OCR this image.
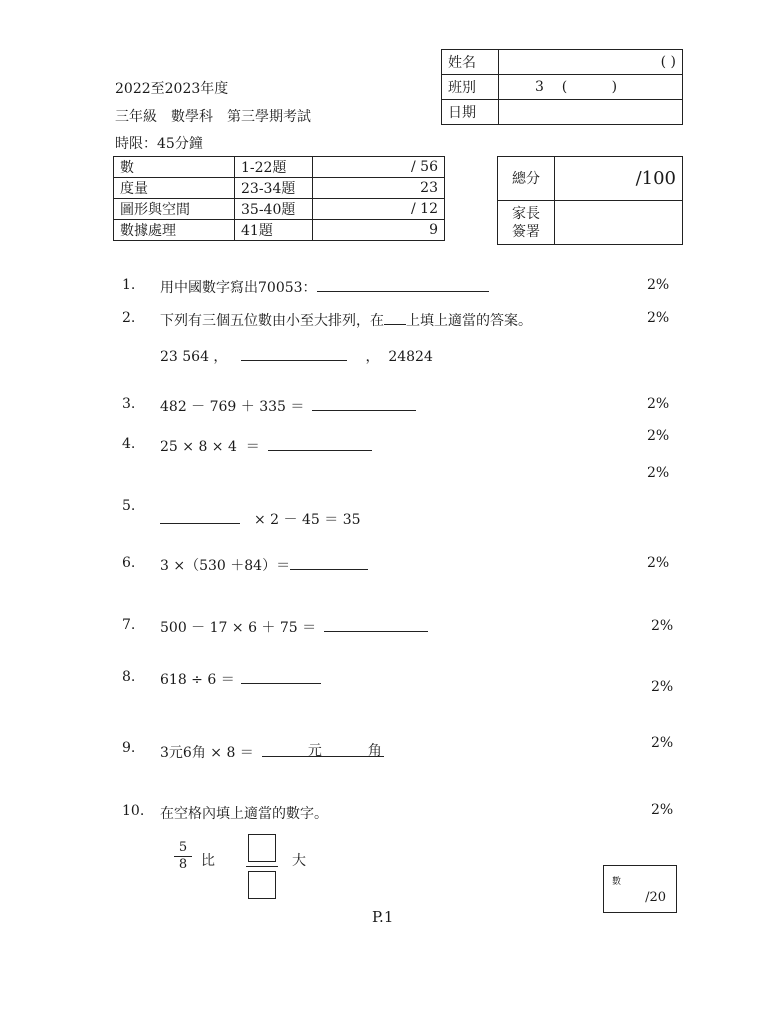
姓名	( )
班別	3    (          )
日期	
2022至2023年度
三年級　數學科　第三學期考試
時限：45分鐘
數	1-22題	/ 56
度量	23-34題	23
圖形與空間	35-40題	/ 12
數據處理	41題	9
總分	/100

家長
簽署	

1. 用中國數字寫出70053：	2%
2. 下列有三個五位數由小至大排列，在 上填上適當的答案。	2%
23 564 ，	，  24824
3. 482 － 769 ＋ 335 ＝	2%
4. 25 × 8 × 4  ＝
2%
2%
5.
× 2 － 45 ＝ 35
6. 3 ×（530 ＋84）＝	2%
7. 500 － 17 × 6 ＋ 75 ＝	2%
8. 618 ÷ 6 ＝	2%
9. 3元6角 × 8 ＝	元	角	2%
10. 在空格內填上適當的數字。	2%
$\frac{5}{8}$ 比	大
數
/20
P.1
